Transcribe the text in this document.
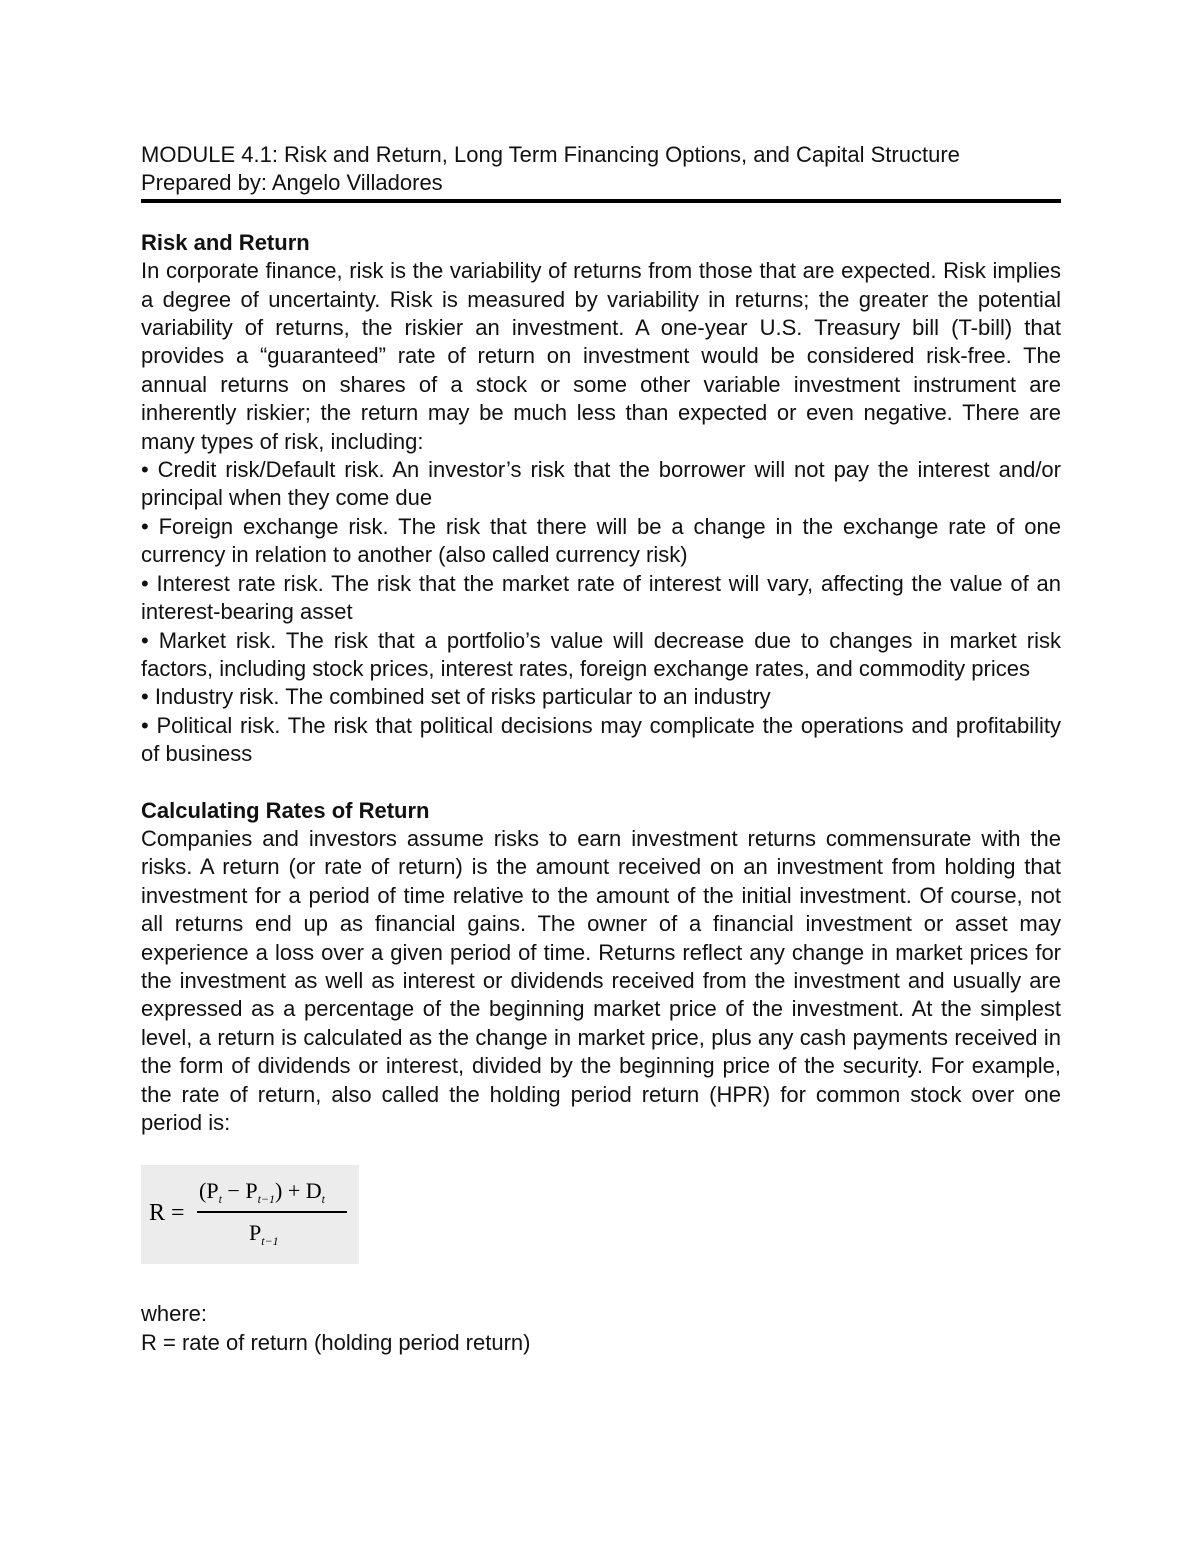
MODULE 4.1: Risk and Return, Long Term Financing Options, and Capital Structure
Prepared by: Angelo Villadores
Risk and Return

In corporate finance, risk is the variability of returns from those that are expected. Risk implies a degree of uncertainty. Risk is measured by variability in returns; the greater the potential variability of returns, the riskier an investment. A one-year U.S. Treasury bill (T-bill) that provides a “guaranteed” rate of return on investment would be considered risk-free. The annual returns on shares of a stock or some other variable investment instrument are inherently riskier; the return may be much less than expected or even negative. There are many types of risk, including:

• Credit risk/Default risk. An investor’s risk that the borrower will not pay the interest and/or principal when they come due
• Foreign exchange risk. The risk that there will be a change in the exchange rate of one currency in relation to another (also called currency risk)
• Interest rate risk. The risk that the market rate of interest will vary, affecting the value of an interest-bearing asset
• Market risk. The risk that a portfolio’s value will decrease due to changes in market risk factors, including stock prices, interest rates, foreign exchange rates, and commodity prices
• Industry risk. The combined set of risks particular to an industry
• Political risk. The risk that political decisions may complicate the operations and profitability of business
Calculating Rates of Return

Companies and investors assume risks to earn investment returns commensurate with the risks. A return (or rate of return) is the amount received on an investment from holding that investment for a period of time relative to the amount of the initial investment. Of course, not all returns end up as financial gains. The owner of a financial investment or asset may experience a loss over a given period of time. Returns reflect any change in market prices for the investment as well as interest or dividends received from the investment and usually are expressed as a percentage of the beginning market price of the investment. At the simplest level, a return is calculated as the change in market price, plus any cash payments received in the form of dividends or interest, divided by the beginning price of the security. For example, the rate of return, also called the holding period return (HPR) for common stock over one period is:

R =
$(P_t - P_{t-1}) + D_t$
$P_{t-1}$
where:
R = rate of return (holding period return)
